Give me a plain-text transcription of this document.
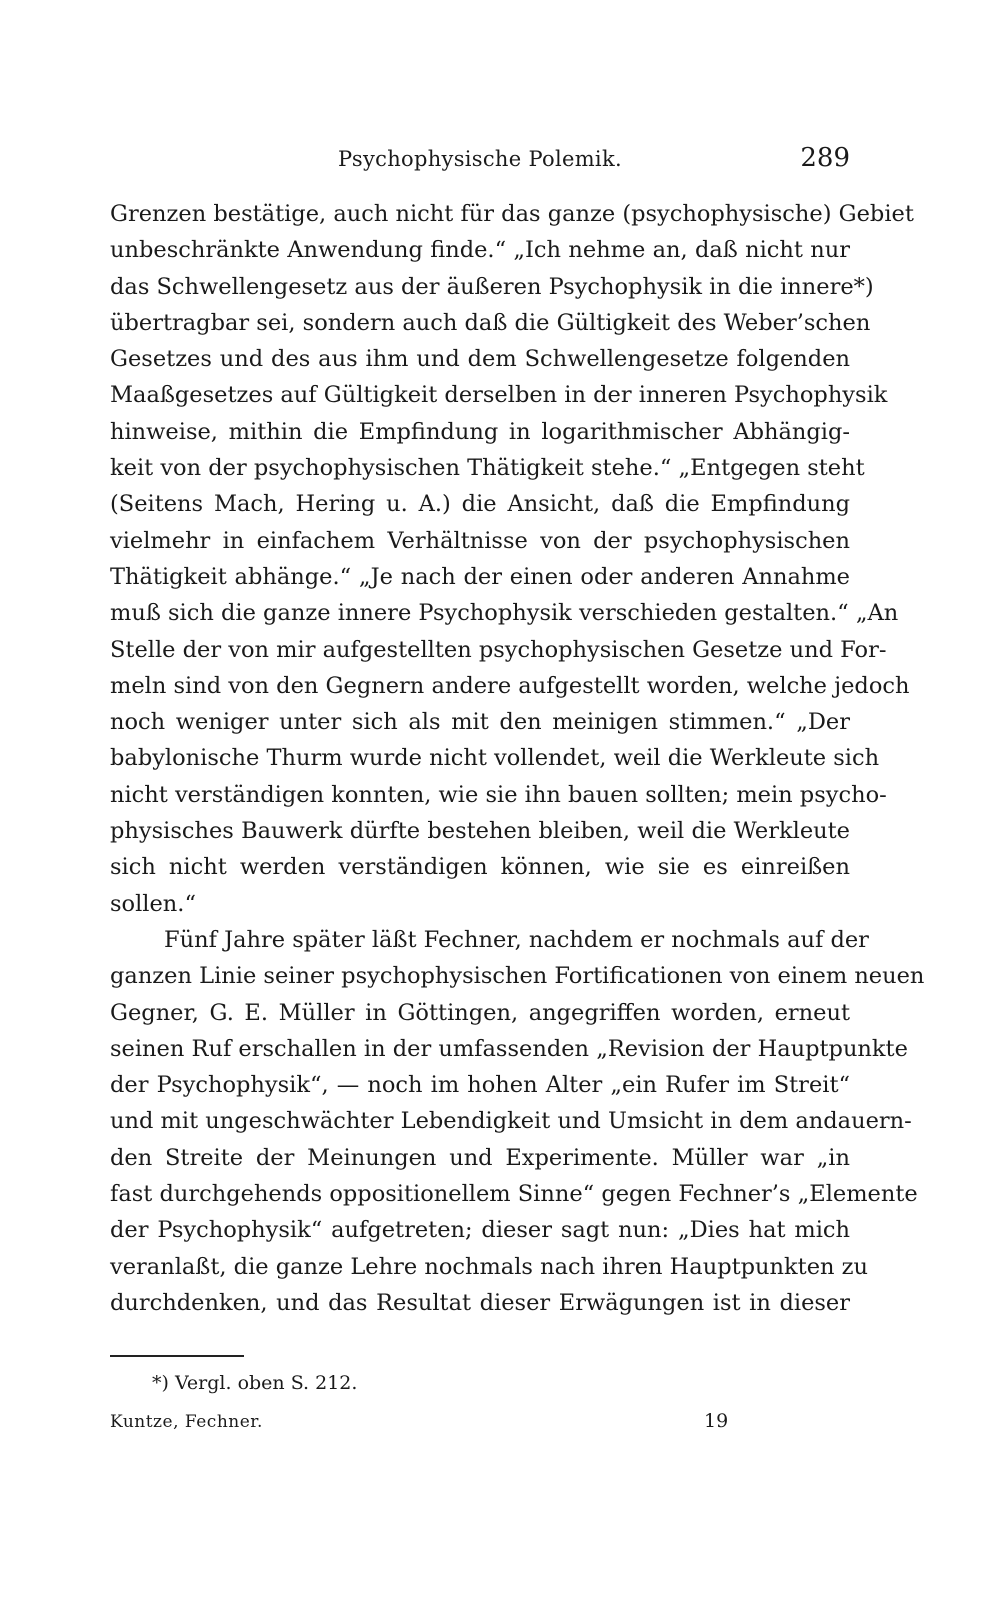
Psychophysische Polemik.	289
Grenzen bestätige, auch nicht für das ganze (psychophysische) Gebiet
unbeschränkte Anwendung finde.“ „Ich nehme an, daß nicht nur
das Schwellengesetz aus der äußeren Psychophysik in die innere*)
übertragbar sei, sondern auch daß die Gültigkeit des Weber’schen
Gesetzes und des aus ihm und dem Schwellengesetze folgenden
Maaßgesetzes auf Gültigkeit derselben in der inneren Psychophysik
hinweise, mithin die Empfindung in logarithmischer Abhängig-
keit von der psychophysischen Thätigkeit stehe.“ „Entgegen steht
(Seitens Mach, Hering u. A.) die Ansicht, daß die Empfindung
vielmehr in einfachem Verhältnisse von der psychophysischen
Thätigkeit abhänge.“ „Je nach der einen oder anderen Annahme
muß sich die ganze innere Psychophysik verschieden gestalten.“ „An
Stelle der von mir aufgestellten psychophysischen Gesetze und For-
meln sind von den Gegnern andere aufgestellt worden, welche jedoch
noch weniger unter sich als mit den meinigen stimmen.“ „Der
babylonische Thurm wurde nicht vollendet, weil die Werkleute sich
nicht verständigen konnten, wie sie ihn bauen sollten; mein psycho-
physisches Bauwerk dürfte bestehen bleiben, weil die Werkleute
sich nicht werden verständigen können, wie sie es einreißen
sollen.“
Fünf Jahre später läßt Fechner, nachdem er nochmals auf der
ganzen Linie seiner psychophysischen Fortificationen von einem neuen
Gegner, G. E. Müller in Göttingen, angegriffen worden, erneut
seinen Ruf erschallen in der umfassenden „Revision der Hauptpunkte
der Psychophysik“, — noch im hohen Alter „ein Rufer im Streit“
und mit ungeschwächter Lebendigkeit und Umsicht in dem andauern-
den Streite der Meinungen und Experimente. Müller war „in
fast durchgehends oppositionellem Sinne“ gegen Fechner’s „Elemente
der Psychophysik“ aufgetreten; dieser sagt nun: „Dies hat mich
veranlaßt, die ganze Lehre nochmals nach ihren Hauptpunkten zu
durchdenken, und das Resultat dieser Erwägungen ist in dieser
*) Vergl. oben S. 212.
Kuntze, Fechner.	19
